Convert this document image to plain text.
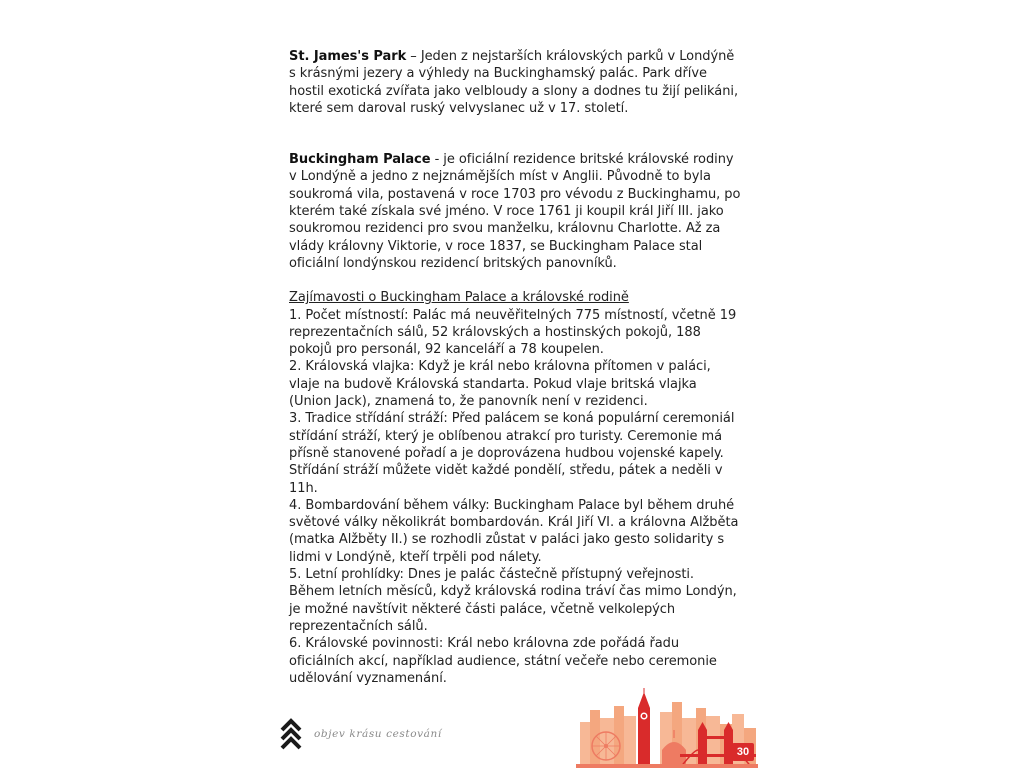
St. James's Park – Jeden z nejstarších královských parků v Londýně s krásnými jezery a výhledy na Buckinghamský palác. Park dříve hostil exotická zvířata jako velbloudy a slony a dodnes tu žijí pelikáni, které sem daroval ruský velvyslanec už v 17. století.

Buckingham Palace - je oficiální rezidence britské královské rodiny v Londýně a jedno z nejznámějších míst v Anglii. Původně to byla soukromá vila, postavená v roce 1703 pro vévodu z Buckinghamu, po kterém také získala své jméno. V roce 1761 ji koupil král Jiří III. jako soukromou rezidenci pro svou manželku, královnu Charlotte. Až za vlády královny Viktorie, v roce 1837, se Buckingham Palace stal oficiální londýnskou rezidencí britských panovníků.

Zajímavosti o Buckingham Palace a královské rodině

1. Počet místností: Palác má neuvěřitelných 775 místností, včetně 19 reprezentačních sálů, 52 královských a hostinských pokojů, 188 pokojů pro personál, 92 kanceláří a 78 koupelen.

2. Královská vlajka: Když je král nebo královna přítomen v paláci, vlaje na budově Královská standarta. Pokud vlaje britská vlajka (Union Jack), znamená to, že panovník není v rezidenci.

3. Tradice střídání stráží: Před palácem se koná populární ceremoniál střídání stráží, který je oblíbenou atrakcí pro turisty. Ceremonie má přísně stanovené pořadí a je doprovázena hudbou vojenské kapely. Střídání stráží můžete vidět každé pondělí, středu, pátek a neděli v 11h.

4. Bombardování během války: Buckingham Palace byl během druhé světové války několikrát bombardován. Král Jiří VI. a královna Alžběta (matka Alžběty II.) se rozhodli zůstat v paláci jako gesto solidarity s lidmi v Londýně, kteří trpěli pod nálety.

5. Letní prohlídky: Dnes je palác částečně přístupný veřejnosti. Během letních měsíců, když královská rodina tráví čas mimo Londýn, je možné navštívit některé části paláce, včetně velkolepých reprezentačních sálů.

6. Královské povinnosti: Král nebo královna zde pořádá řadu oficiálních akcí, například audience, státní večeře nebo ceremonie udělování vyznamenání.

objev krásu cestování
30
